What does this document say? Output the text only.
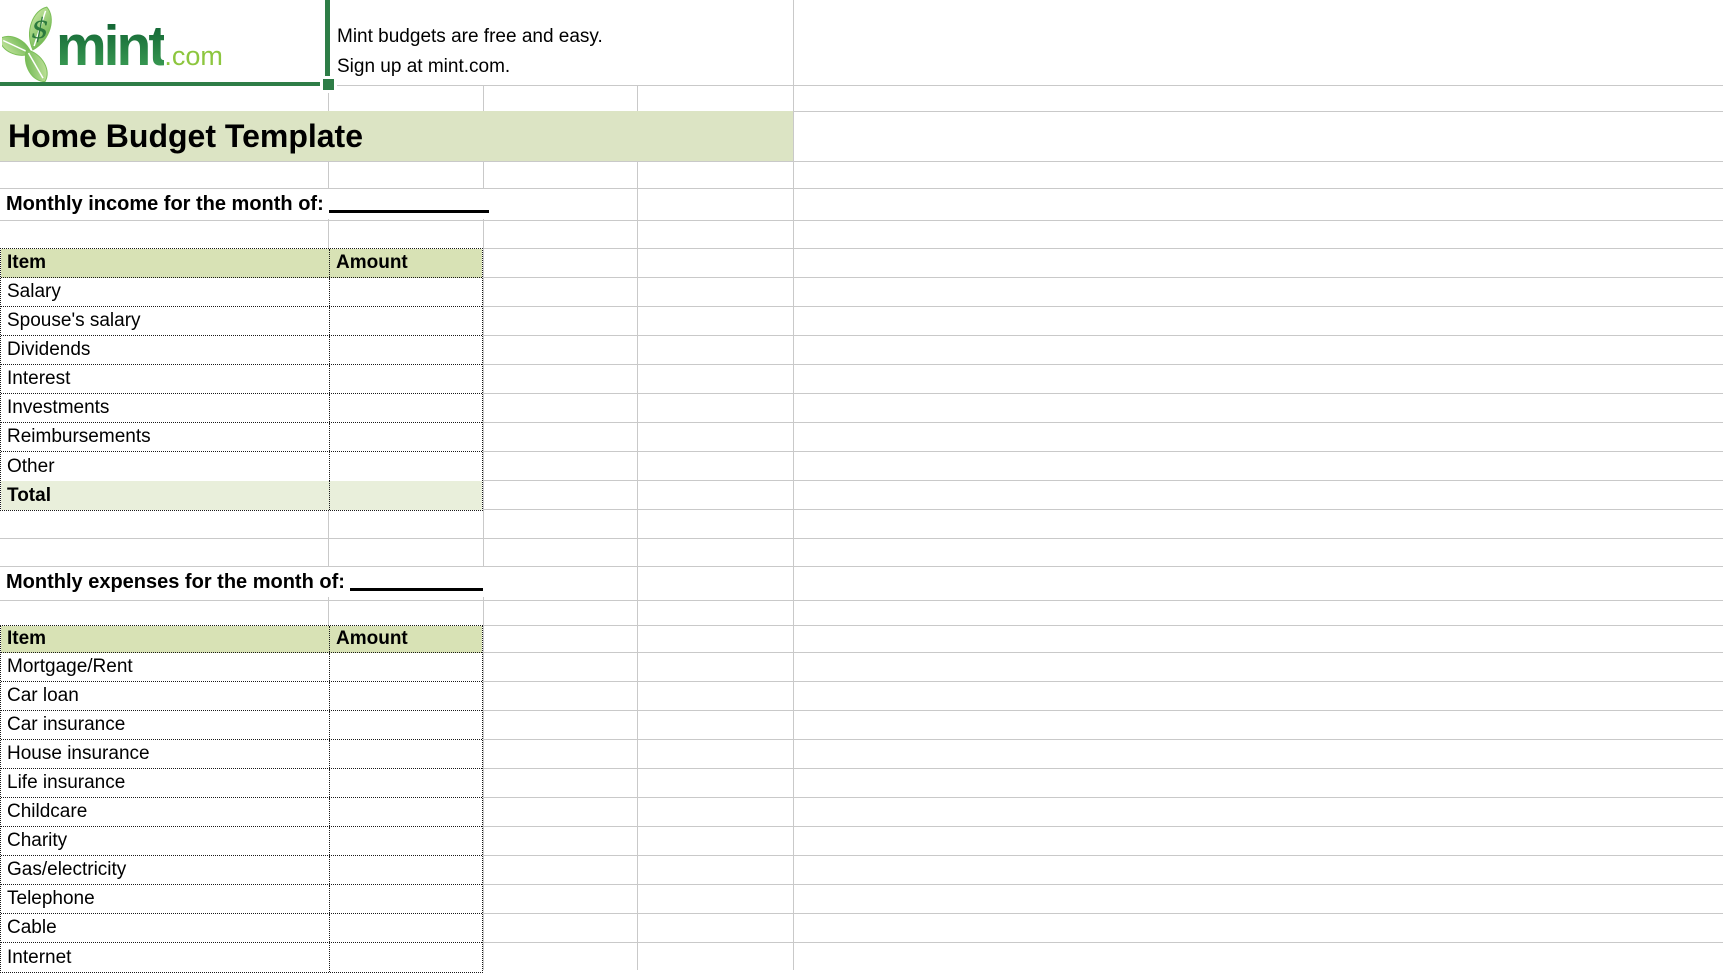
$ mint.com
Mint budgets are free and easy.
Sign up at mint.com.
Home Budget Template
Monthly income for the month of:
Item	Amount
Salary
Spouse's salary
Dividends
Interest
Investments
Reimbursements
Other
Total
Monthly expenses for the month of:
Item	Amount
Mortgage/Rent
Car loan
Car insurance
House insurance
Life insurance
Childcare
Charity
Gas/electricity
Telephone
Cable
Internet
